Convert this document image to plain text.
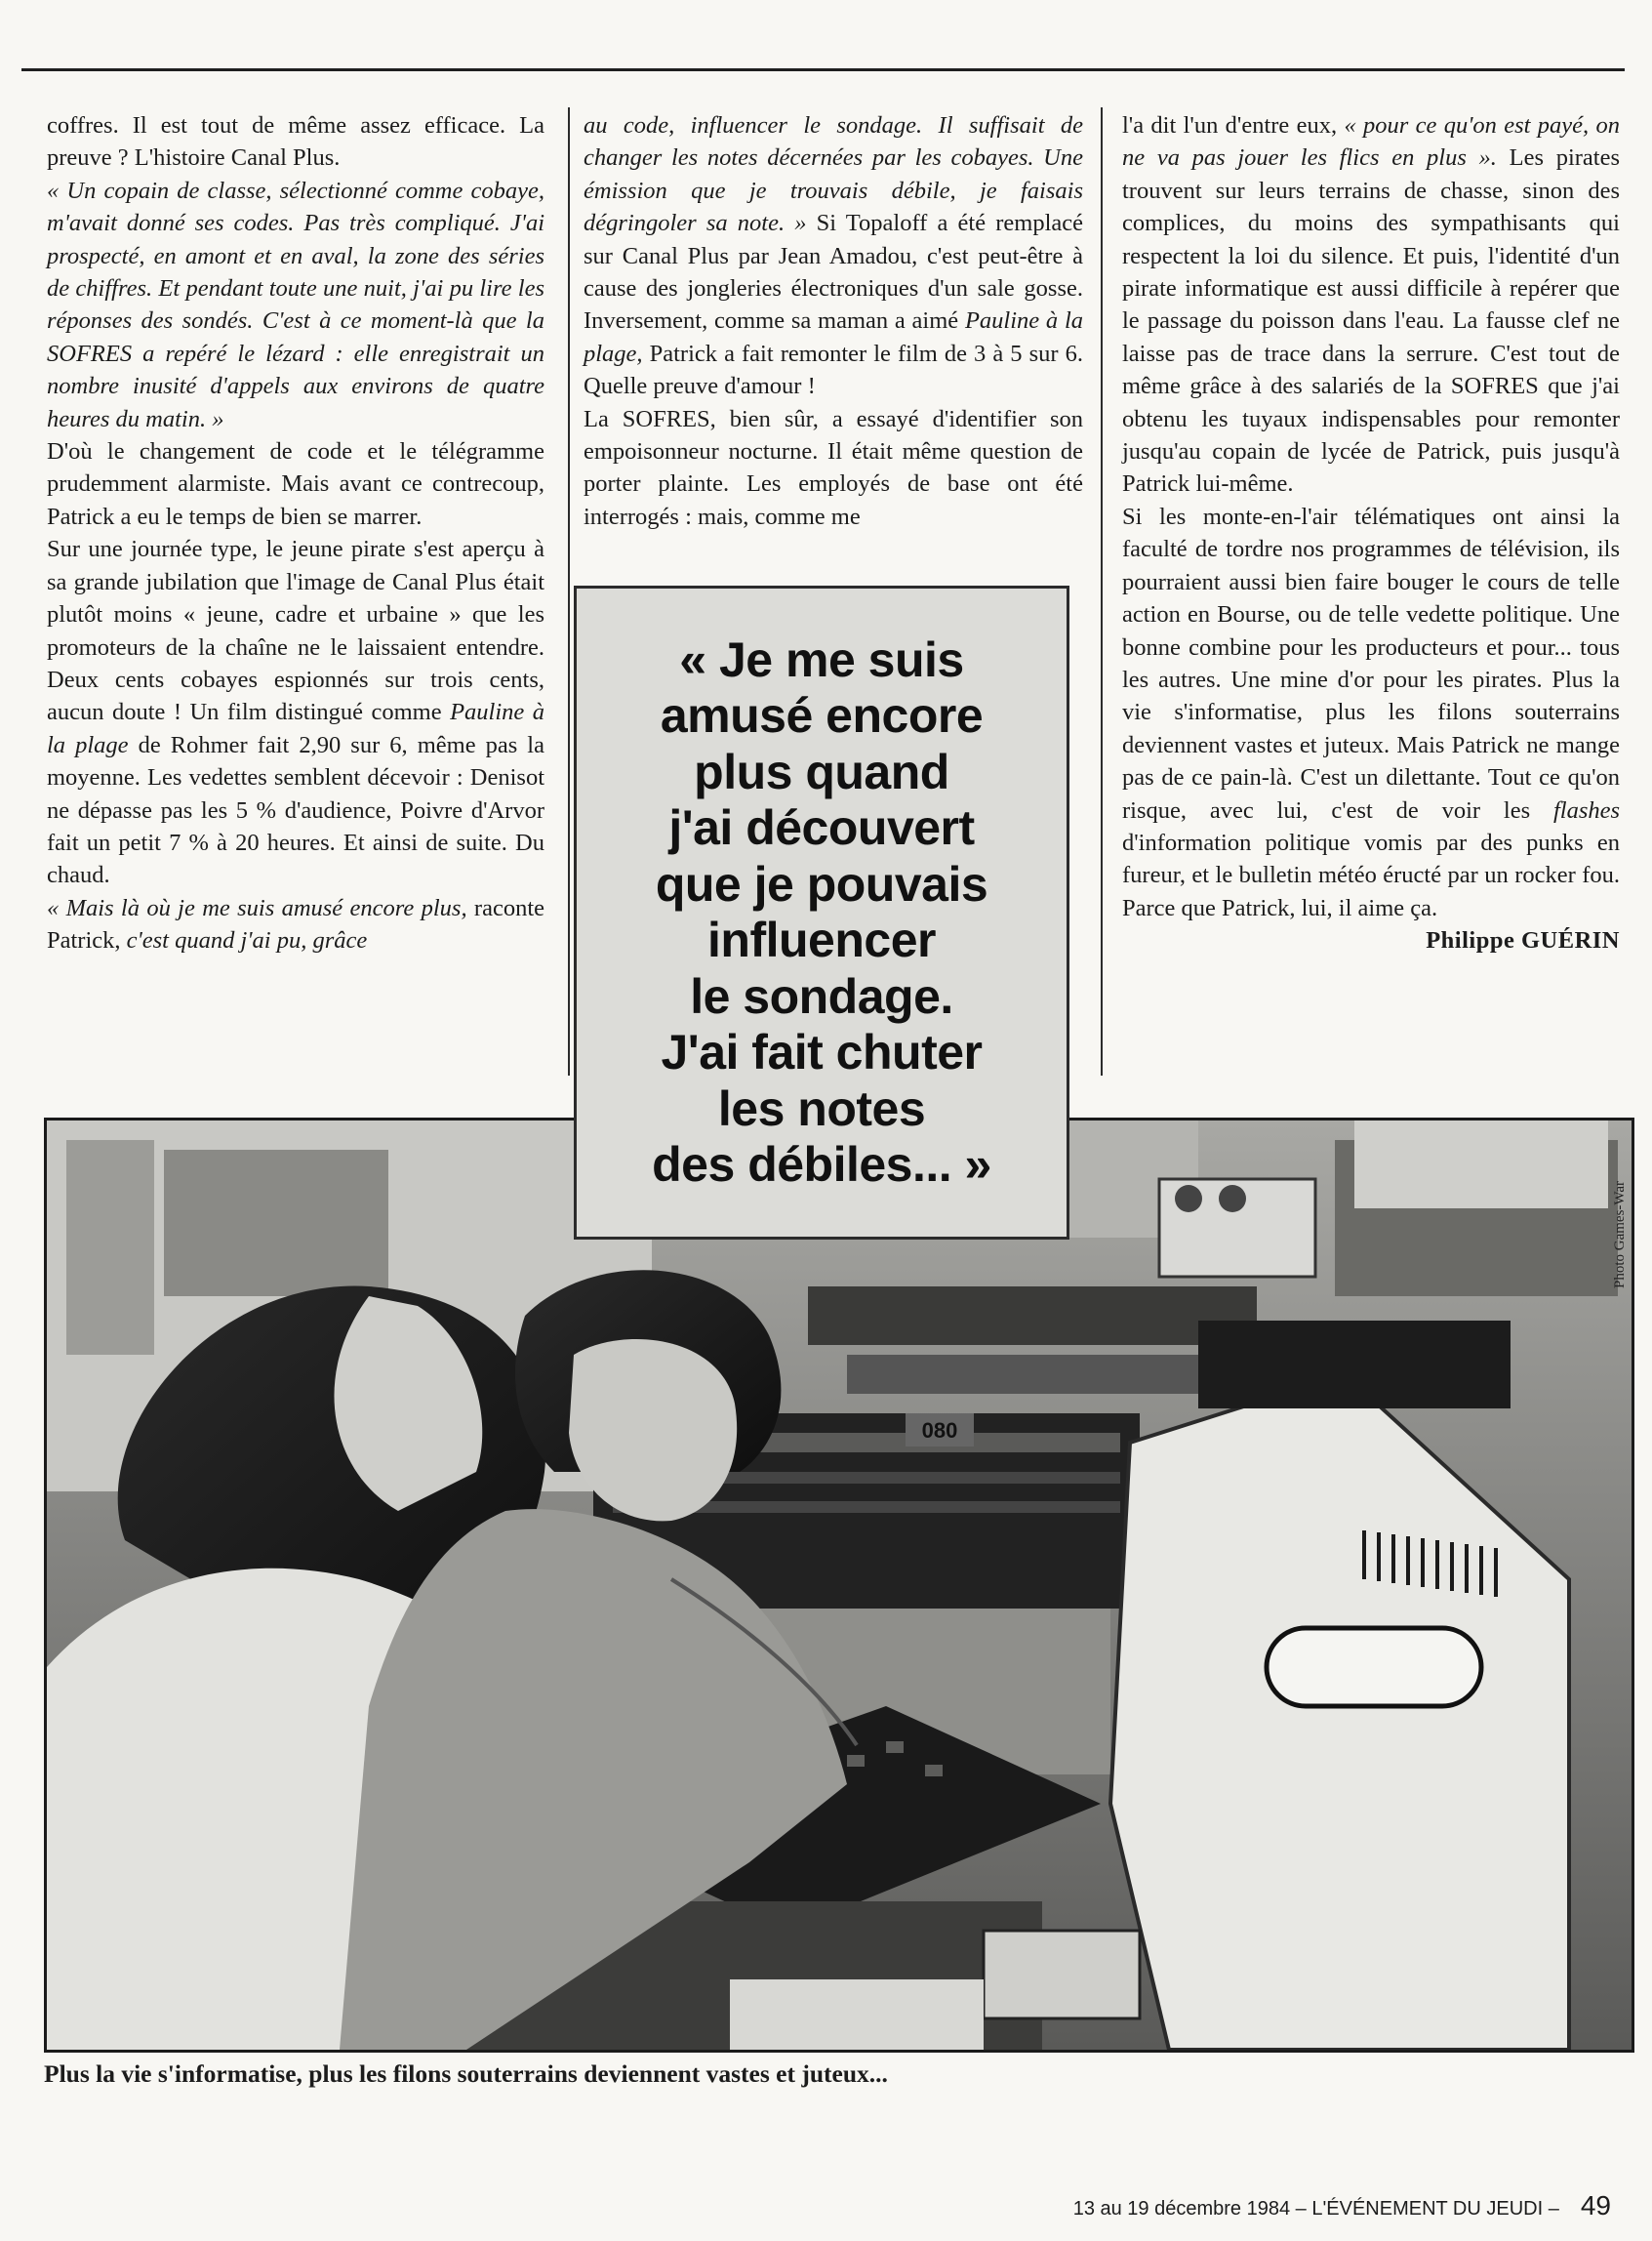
coffres. Il est tout de même assez efficace. La preuve ? L'histoire Canal Plus.

« Un copain de classe, sélectionné comme cobaye, m'avait donné ses codes. Pas très compliqué. J'ai prospecté, en amont et en aval, la zone des séries de chiffres. Et pendant toute une nuit, j'ai pu lire les réponses des sondés. C'est à ce moment-là que la SOFRES a repéré le lézard : elle enregistrait un nombre inusité d'appels aux environs de quatre heures du matin. »

D'où le changement de code et le télégramme prudemment alarmiste. Mais avant ce contrecoup, Patrick a eu le temps de bien se marrer.

Sur une journée type, le jeune pirate s'est aperçu à sa grande jubilation que l'image de Canal Plus était plutôt moins « jeune, cadre et urbaine » que les promoteurs de la chaîne ne le laissaient entendre. Deux cents cobayes espionnés sur trois cents, aucun doute ! Un film distingué comme Pauline à la plage de Rohmer fait 2,90 sur 6, même pas la moyenne. Les vedettes semblent décevoir : Denisot ne dépasse pas les 5 % d'audience, Poivre d'Arvor fait un petit 7 % à 20 heures. Et ainsi de suite. Du chaud.

« Mais là où je me suis amusé encore plus, raconte Patrick, c'est quand j'ai pu, grâce

au code, influencer le sondage. Il suffisait de changer les notes décernées par les cobayes. Une émission que je trouvais débile, je faisais dégringoler sa note. » Si Topaloff a été remplacé sur Canal Plus par Jean Amadou, c'est peut-être à cause des jongleries électroniques d'un sale gosse. Inversement, comme sa maman a aimé Pauline à la plage, Patrick a fait remonter le film de 3 à 5 sur 6. Quelle preuve d'amour !

La SOFRES, bien sûr, a essayé d'identifier son empoisonneur nocturne. Il était même question de porter plainte. Les employés de base ont été interrogés : mais, comme me

l'a dit l'un d'entre eux, « pour ce qu'on est payé, on ne va pas jouer les flics en plus ». Les pirates trouvent sur leurs terrains de chasse, sinon des complices, du moins des sympathisants qui respectent la loi du silence. Et puis, l'identité d'un pirate informatique est aussi difficile à repérer que le passage du poisson dans l'eau. La fausse clef ne laisse pas de trace dans la serrure. C'est tout de même grâce à des salariés de la SOFRES que j'ai obtenu les tuyaux indispensables pour remonter jusqu'au copain de lycée de Patrick, puis jusqu'à Patrick lui-même.

Si les monte-en-l'air télématiques ont ainsi la faculté de tordre nos programmes de télévision, ils pourraient aussi bien faire bouger le cours de telle action en Bourse, ou de telle vedette politique. Une bonne combine pour les producteurs et pour... tous les autres. Une mine d'or pour les pirates. Plus la vie s'informatise, plus les filons souterrains deviennent vastes et juteux. Mais Patrick ne mange pas de ce pain-là. C'est un dilettante. Tout ce qu'on risque, avec lui, c'est de voir les flashes d'information politique vomis par des punks en fureur, et le bulletin météo éructé par un rocker fou. Parce que Patrick, lui, il aime ça.

Philippe GUÉRIN

080
Photo Games-War

« Je me suis
amusé encore
plus quand
j'ai découvert
que je pouvais
influencer
le sondage.
J'ai fait chuter
les notes
des débiles... »

Plus la vie s'informatise, plus les filons souterrains deviennent vastes et juteux...
13 au 19 décembre 1984 – L'ÉVÉNEMENT DU JEUDI – 49
